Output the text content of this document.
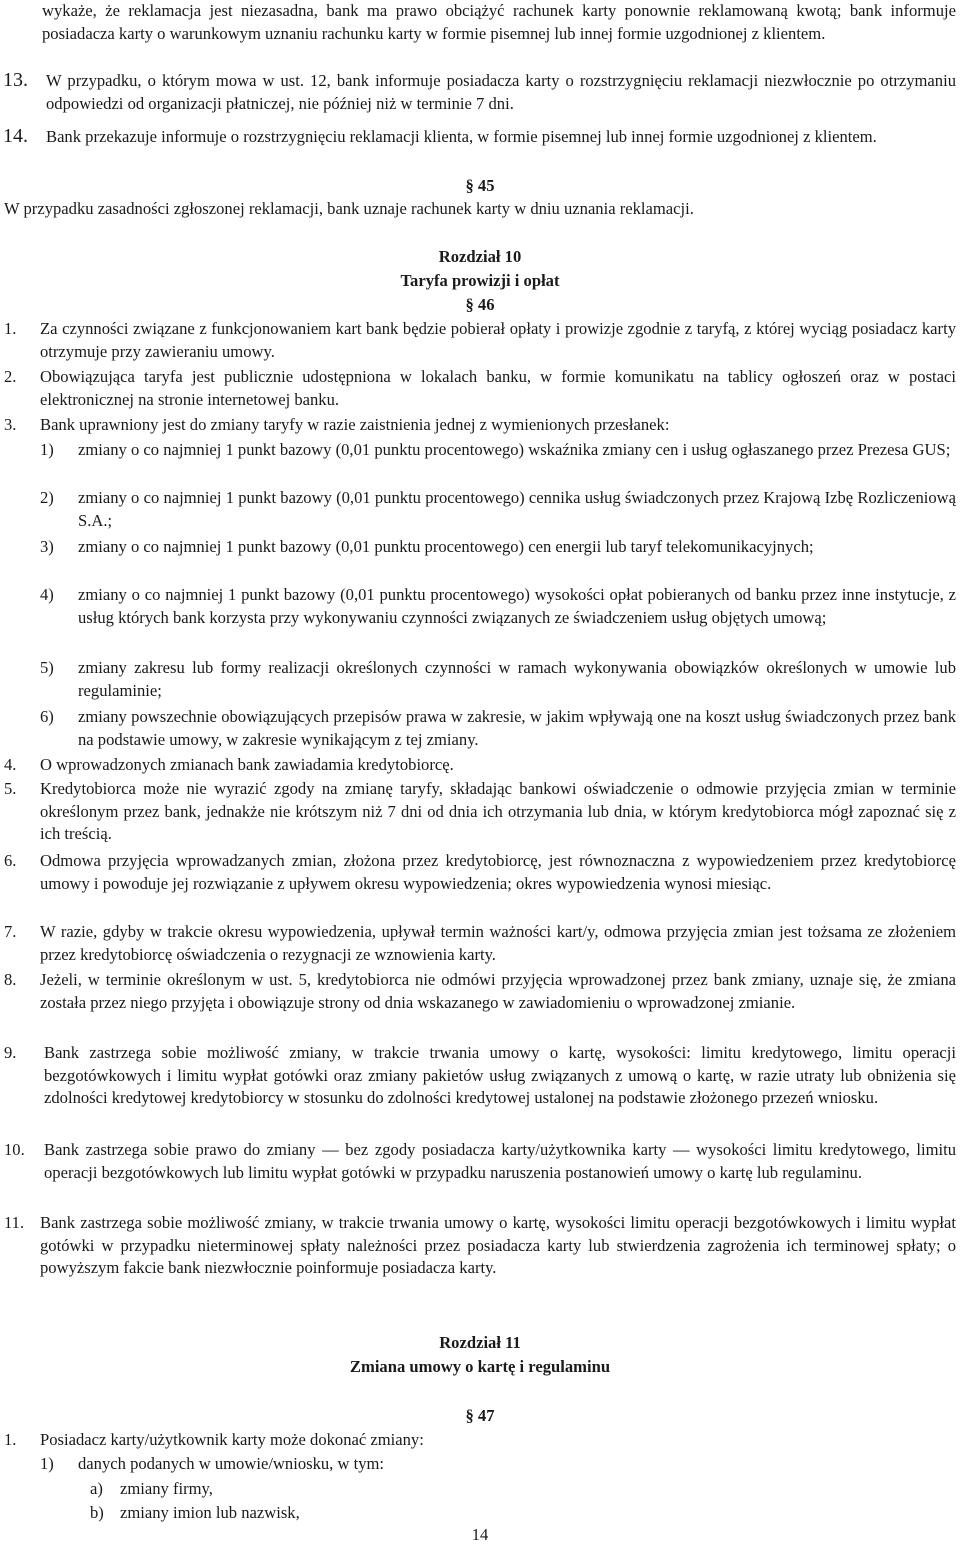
wykaże, że reklamacja jest niezasadna, bank ma prawo obciążyć rachunek karty ponownie reklamowaną kwotą; bank informuje posiadacza karty o warunkowym uznaniu rachunku karty w formie pisemnej lub innej formie uzgodnionej z klientem.
13. W przypadku, o którym mowa w ust. 12, bank informuje posiadacza karty o rozstrzygnięciu reklamacji niezwłocznie po otrzymaniu odpowiedzi od organizacji płatniczej, nie później niż w terminie 7 dni.
14. Bank przekazuje informuje o rozstrzygnięciu reklamacji klienta, w formie pisemnej lub innej formie uzgodnionej z klientem.
§ 45
W przypadku zasadności zgłoszonej reklamacji, bank uznaje rachunek karty w dniu uznania reklamacji.
Rozdział 10
Taryfa prowizji i opłat
§ 46
1. Za czynności związane z funkcjonowaniem kart bank będzie pobierał opłaty i prowizje zgodnie z taryfą, z której wyciąg posiadacz karty otrzymuje przy zawieraniu umowy.
2. Obowiązująca taryfa jest publicznie udostępniona w lokalach banku, w formie komunikatu na tablicy ogłoszeń oraz w postaci elektronicznej na stronie internetowej banku.
3. Bank uprawniony jest do zmiany taryfy w razie zaistnienia jednej z wymienionych przesłanek:
1) zmiany o co najmniej 1 punkt bazowy (0,01 punktu procentowego) wskaźnika zmiany cen i usług ogłaszanego przez Prezesa GUS;
2) zmiany o co najmniej 1 punkt bazowy (0,01 punktu procentowego) cennika usług świadczonych przez Krajową Izbę Rozliczeniową S.A.;
3) zmiany o co najmniej 1 punkt bazowy (0,01 punktu procentowego) cen energii lub taryf telekomunikacyjnych;
4) zmiany o co najmniej 1 punkt bazowy (0,01 punktu procentowego) wysokości opłat pobieranych od banku przez inne instytucje, z usług których bank korzysta przy wykonywaniu czynności związanych ze świadczeniem usług objętych umową;
5) zmiany zakresu lub formy realizacji określonych czynności w ramach wykonywania obowiązków określonych w umowie lub regulaminie;
6) zmiany powszechnie obowiązujących przepisów prawa w zakresie, w jakim wpływają one na koszt usług świadczonych przez bank na podstawie umowy, w zakresie wynikającym z tej zmiany.
4. O wprowadzonych zmianach bank zawiadamia kredytobiorcę.
5. Kredytobiorca może nie wyrazić zgody na zmianę taryfy, składając bankowi oświadczenie o odmowie przyjęcia zmian w terminie określonym przez bank, jednakże nie krótszym niż 7 dni od dnia ich otrzymania lub dnia, w którym kredytobiorca mógł zapoznać się z ich treścią.
6. Odmowa przyjęcia wprowadzanych zmian, złożona przez kredytobiorcę, jest równoznaczna z wypowiedzeniem przez kredytobiorcę umowy i powoduje jej rozwiązanie z upływem okresu wypowiedzenia; okres wypowiedzenia wynosi miesiąc.
7. W razie, gdyby w trakcie okresu wypowiedzenia, upływał termin ważności kart/y, odmowa przyjęcia zmian jest tożsama ze złożeniem przez kredytobiorcę oświadczenia o rezygnacji ze wznowienia karty.
8. Jeżeli, w terminie określonym w ust. 5, kredytobiorca nie odmówi przyjęcia wprowadzonej przez bank zmiany, uznaje się, że zmiana została przez niego przyjęta i obowiązuje strony od dnia wskazanego w zawiadomieniu o wprowadzonej zmianie.
9. Bank zastrzega sobie możliwość zmiany, w trakcie trwania umowy o kartę, wysokości: limitu kredytowego, limitu operacji bezgotówkowych i limitu wypłat gotówki oraz zmiany pakietów usług związanych z umową o kartę, w razie utraty lub obniżenia się zdolności kredytowej kredytobiorcy w stosunku do zdolności kredytowej ustalonej na podstawie złożonego przezeń wniosku.
10. Bank zastrzega sobie prawo do zmiany — bez zgody posiadacza karty/użytkownika karty — wysokości limitu kredytowego, limitu operacji bezgotówkowych lub limitu wypłat gotówki w przypadku naruszenia postanowień umowy o kartę lub regulaminu.
11. Bank zastrzega sobie możliwość zmiany, w trakcie trwania umowy o kartę, wysokości limitu operacji bezgotówkowych i limitu wypłat gotówki w przypadku nieterminowej spłaty należności przez posiadacza karty lub stwierdzenia zagrożenia ich terminowej spłaty; o powyższym fakcie bank niezwłocznie poinformuje posiadacza karty.
Rozdział 11
Zmiana umowy o kartę i regulaminu
§ 47
1. Posiadacz karty/użytkownik karty może dokonać zmiany:
1) danych podanych w umowie/wniosku, w tym:
a) zmiany firmy,
b) zmiany imion lub nazwisk,
14
